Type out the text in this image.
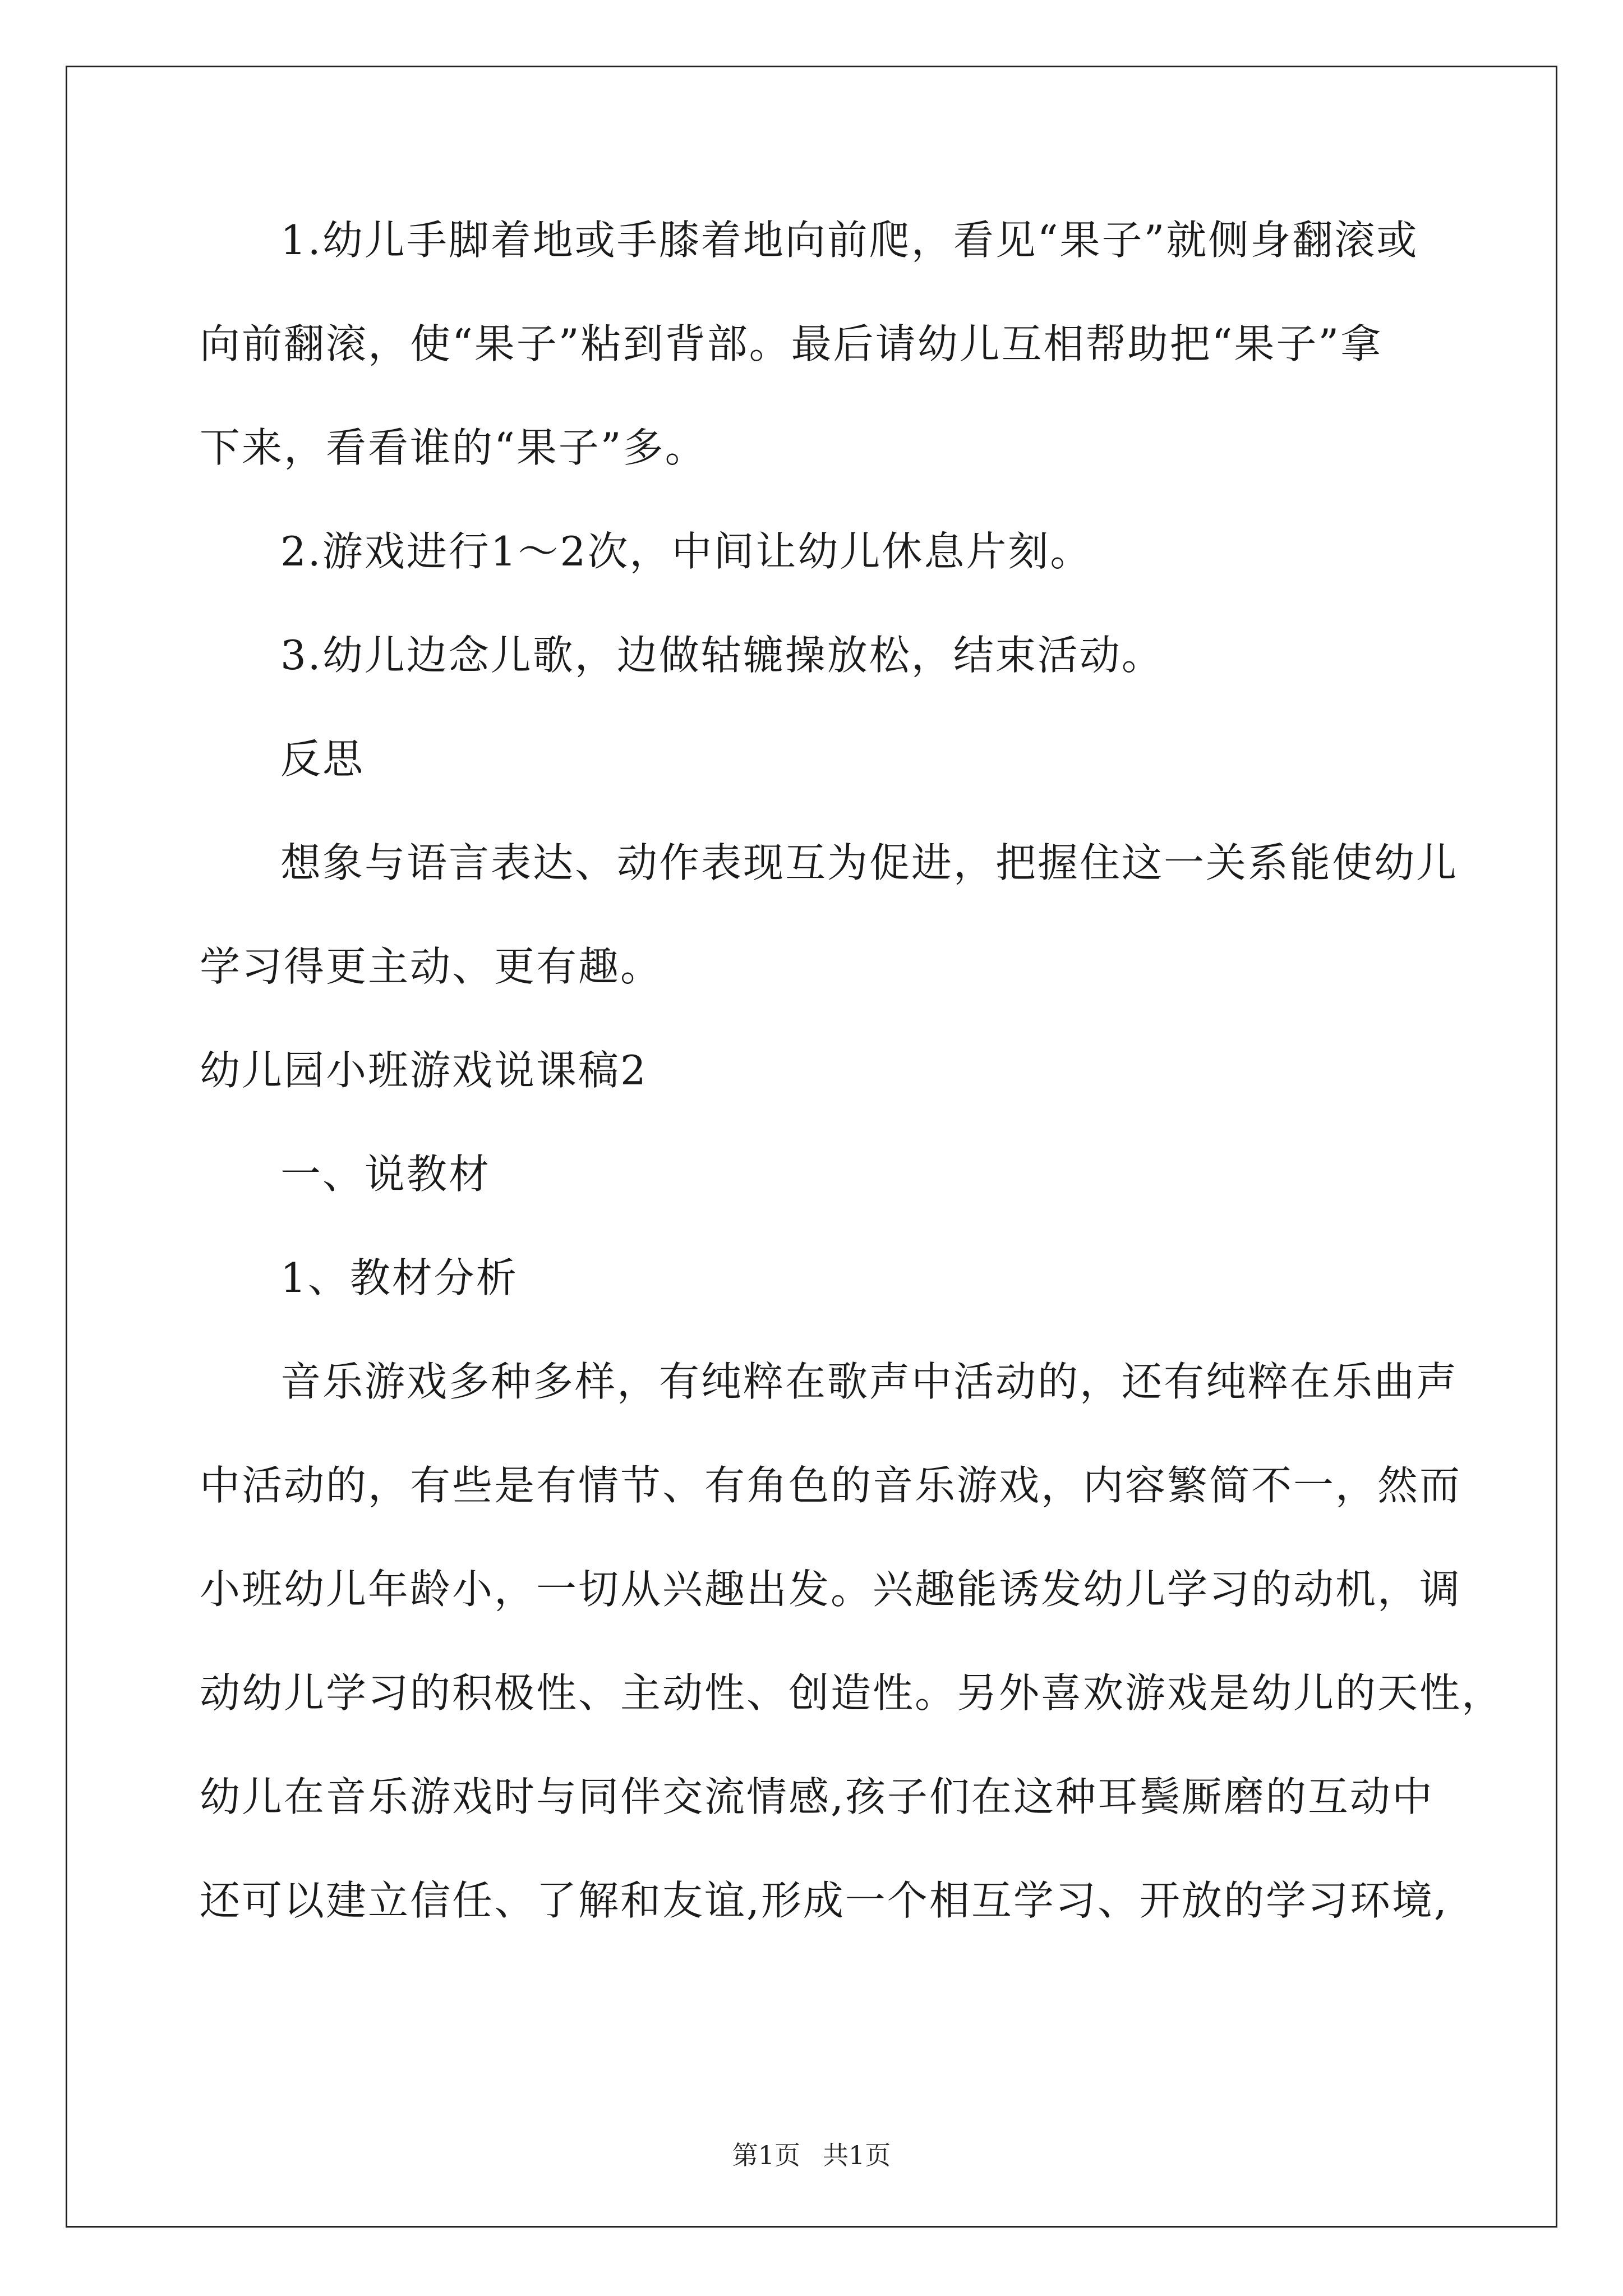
1.幼儿手脚着地或手膝着地向前爬，看见“果子”就侧身翻滚或

向前翻滚，使“果子”粘到背部。最后请幼儿互相帮助把“果子”拿

下来，看看谁的“果子”多。

2.游戏进行1～2次，中间让幼儿休息片刻。

3.幼儿边念儿歌，边做轱辘操放松，结束活动。

反思

想象与语言表达、动作表现互为促进，把握住这一关系能使幼儿

学习得更主动、更有趣。

幼儿园小班游戏说课稿2

一、说教材

1、教材分析

音乐游戏多种多样，有纯粹在歌声中活动的，还有纯粹在乐曲声

中活动的，有些是有情节、有角色的音乐游戏，内容繁简不一，然而

小班幼儿年龄小，一切从兴趣出发。兴趣能诱发幼儿学习的动机，调

动幼儿学习的积极性、主动性、创造性。另外喜欢游戏是幼儿的天性，

幼儿在音乐游戏时与同伴交流情感,孩子们在这种耳鬓厮磨的互动中

还可以建立信任、了解和友谊,形成一个相互学习、开放的学习环境,

第1页 共1页
